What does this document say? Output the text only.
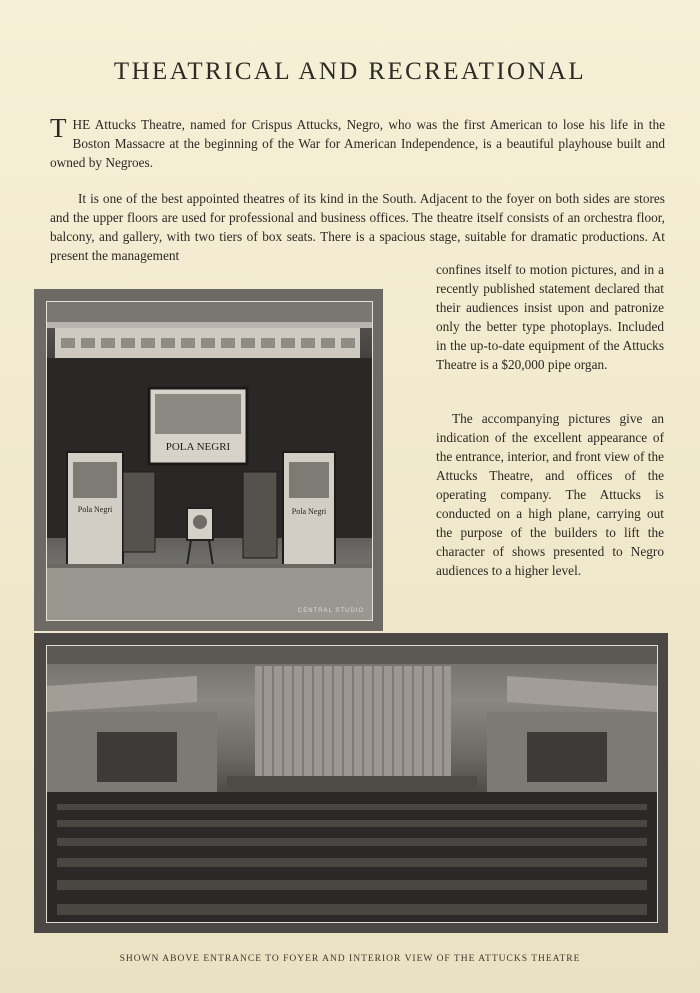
THEATRICAL AND RECREATIONAL
THE Attucks Theatre, named for Crispus Attucks, Negro, who was the first American to lose his life in the Boston Massacre at the beginning of the War for American Independence, is a beautiful playhouse built and owned by Negroes.
It is one of the best appointed theatres of its kind in the South. Adjacent to the foyer on both sides are stores and the upper floors are used for professional and business offices. The theatre itself consists of an orchestra floor, balcony, and gallery, with two tiers of box seats. There is a spacious stage, suitable for dramatic productions. At present the management
confines itself to motion pictures, and in a recently published statement declared that their audiences insist upon and patronize only the better type photoplays. Included in the up-to-date equipment of the Attucks Theatre is a $20,000 pipe organ.
The accompanying pictures give an indication of the excellent appearance of the entrance, interior, and front view of the Attucks Theatre, and offices of the operating company. The Attucks is conducted on a high plane, carrying out the purpose of the builders to lift the character of shows presented to Negro audiences to a higher level.
POLA NEGRI
Pola Negri	Pola Negri
CENTRAL STUDIO
SHOWN ABOVE ENTRANCE TO FOYER AND INTERIOR VIEW OF THE ATTUCKS THEATRE
